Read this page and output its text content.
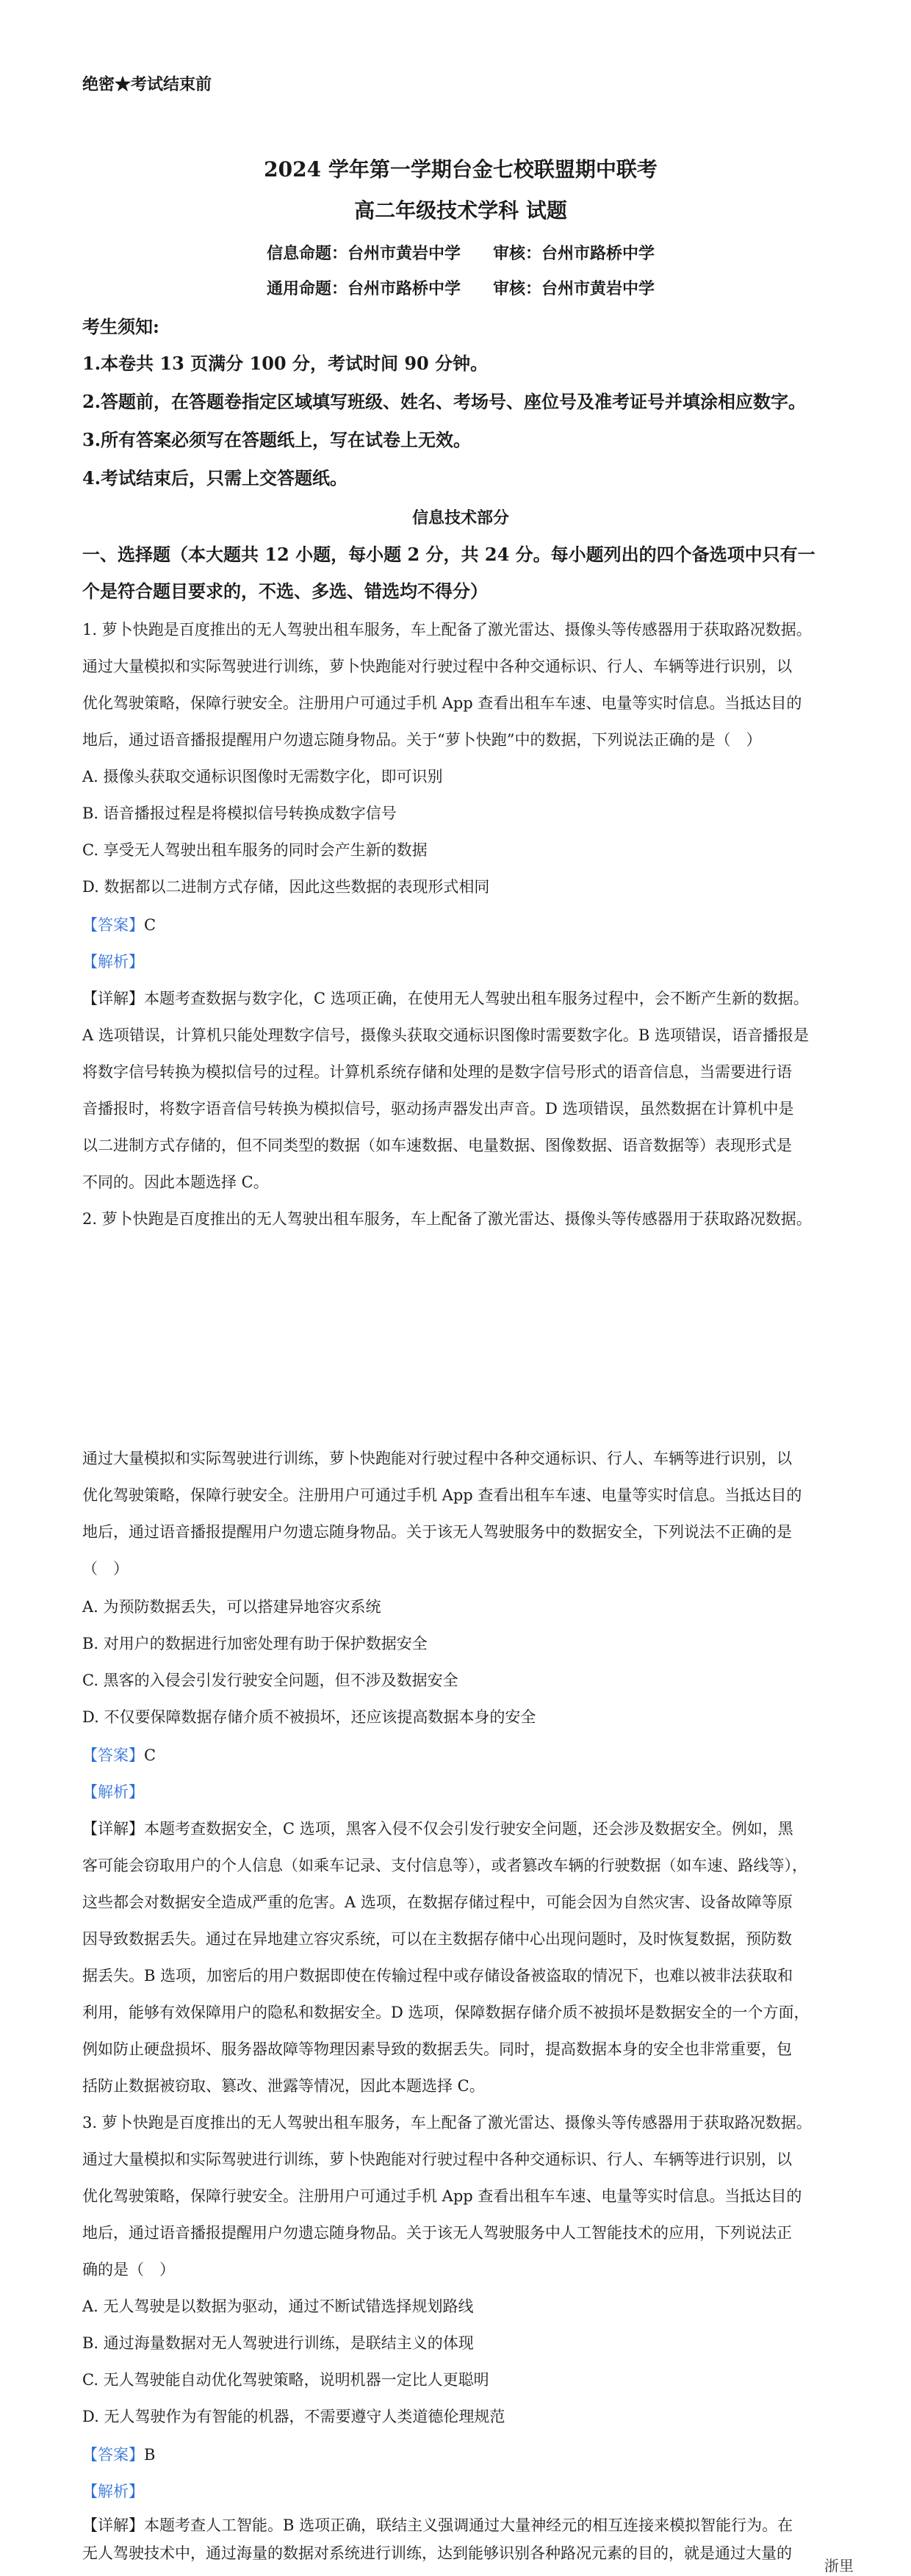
绝密★考试结束前
2024 学年第一学期台金七校联盟期中联考
高二年级技术学科 试题
信息命题：台州市黄岩中学　　审核：台州市路桥中学
通用命题：台州市路桥中学　　审核：台州市黄岩中学
考生须知:
1.本卷共 13 页满分 100 分，考试时间 90 分钟。
2.答题前，在答题卷指定区域填写班级、姓名、考场号、座位号及准考证号并填涂相应数字。
3.所有答案必须写在答题纸上，写在试卷上无效。
4.考试结束后，只需上交答题纸。
信息技术部分
一、选择题（本大题共 12 小题，每小题 2 分，共 24 分。每小题列出的四个备选项中只有一
个是符合题目要求的，不选、多选、错选均不得分）
1. 萝卜快跑是百度推出的无人驾驶出租车服务，车上配备了激光雷达、摄像头等传感器用于获取路况数据。
通过大量模拟和实际驾驶进行训练，萝卜快跑能对行驶过程中各种交通标识、行人、车辆等进行识别，以
优化驾驶策略，保障行驶安全。注册用户可通过手机 App 查看出租车车速、电量等实时信息。当抵达目的
地后，通过语音播报提醒用户勿遗忘随身物品。关于“萝卜快跑”中的数据，下列说法正确的是（　）
A. 摄像头获取交通标识图像时无需数字化，即可识别
B. 语音播报过程是将模拟信号转换成数字信号
C. 享受无人驾驶出租车服务的同时会产生新的数据
D. 数据都以二进制方式存储，因此这些数据的表现形式相同
【答案】C
【解析】
【详解】本题考查数据与数字化，C 选项正确，在使用无人驾驶出租车服务过程中，会不断产生新的数据。
A 选项错误，计算机只能处理数字信号，摄像头获取交通标识图像时需要数字化。B 选项错误，语音播报是
将数字信号转换为模拟信号的过程。计算机系统存储和处理的是数字信号形式的语音信息，当需要进行语
音播报时，将数字语音信号转换为模拟信号，驱动扬声器发出声音。D 选项错误，虽然数据在计算机中是
以二进制方式存储的，但不同类型的数据（如车速数据、电量数据、图像数据、语音数据等）表现形式是
不同的。因此本题选择 C。
2. 萝卜快跑是百度推出的无人驾驶出租车服务，车上配备了激光雷达、摄像头等传感器用于获取路况数据。
通过大量模拟和实际驾驶进行训练，萝卜快跑能对行驶过程中各种交通标识、行人、车辆等进行识别，以
优化驾驶策略，保障行驶安全。注册用户可通过手机 App 查看出租车车速、电量等实时信息。当抵达目的
地后，通过语音播报提醒用户勿遗忘随身物品。关于该无人驾驶服务中的数据安全，下列说法不正确的是
（　）
A. 为预防数据丢失，可以搭建异地容灾系统
B. 对用户的数据进行加密处理有助于保护数据安全
C. 黑客的入侵会引发行驶安全问题，但不涉及数据安全
D. 不仅要保障数据存储介质不被损坏，还应该提高数据本身的安全
【答案】C
【解析】
【详解】本题考查数据安全，C 选项，黑客入侵不仅会引发行驶安全问题，还会涉及数据安全。例如，黑
客可能会窃取用户的个人信息（如乘车记录、支付信息等），或者篡改车辆的行驶数据（如车速、路线等），
这些都会对数据安全造成严重的危害。A 选项，在数据存储过程中，可能会因为自然灾害、设备故障等原
因导致数据丢失。通过在异地建立容灾系统，可以在主数据存储中心出现问题时，及时恢复数据，预防数
据丢失。B 选项，加密后的用户数据即使在传输过程中或存储设备被盗取的情况下，也难以被非法获取和
利用，能够有效保障用户的隐私和数据安全。D 选项，保障数据存储介质不被损坏是数据安全的一个方面，
例如防止硬盘损坏、服务器故障等物理因素导致的数据丢失。同时，提高数据本身的安全也非常重要，包
括防止数据被窃取、篡改、泄露等情况，因此本题选择 C。
3. 萝卜快跑是百度推出的无人驾驶出租车服务，车上配备了激光雷达、摄像头等传感器用于获取路况数据。
通过大量模拟和实际驾驶进行训练，萝卜快跑能对行驶过程中各种交通标识、行人、车辆等进行识别，以
优化驾驶策略，保障行驶安全。注册用户可通过手机 App 查看出租车车速、电量等实时信息。当抵达目的
地后，通过语音播报提醒用户勿遗忘随身物品。关于该无人驾驶服务中人工智能技术的应用，下列说法正
确的是（　）
A. 无人驾驶是以数据为驱动，通过不断试错选择规划路线
B. 通过海量数据对无人驾驶进行训练，是联结主义的体现
C. 无人驾驶能自动优化驾驶策略，说明机器一定比人更聪明
D. 无人驾驶作为有智能的机器，不需要遵守人类道德伦理规范
【答案】B
【解析】
【详解】本题考查人工智能。B 选项正确，联结主义强调通过大量神经元的相互连接来模拟智能行为。在
无人驾驶技术中，通过海量的数据对系统进行训练，达到能够识别各种路况元素的目的，就是通过大量的
浙里
